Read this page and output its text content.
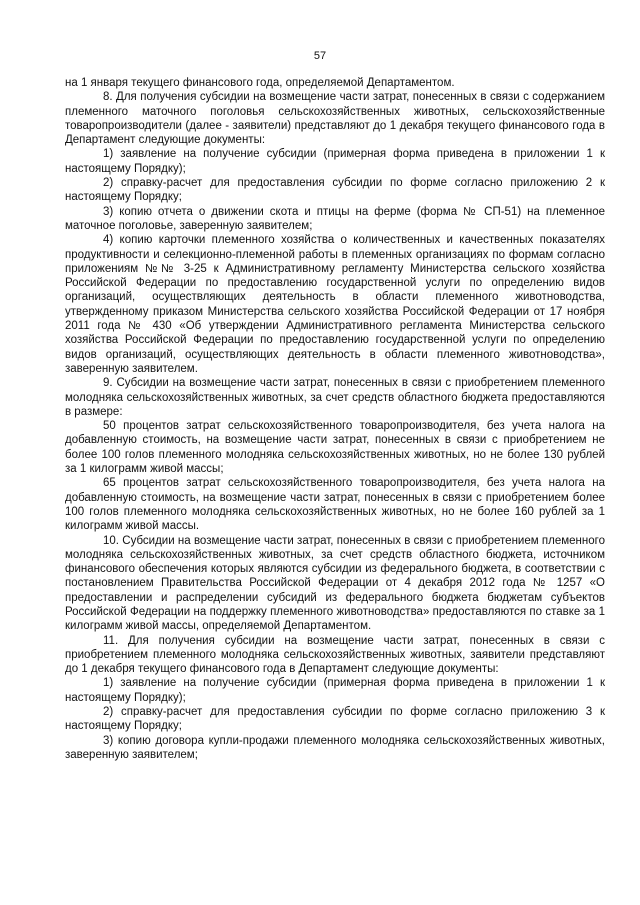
57

на 1 января текущего финансового года, определяемой Департаментом.

8. Для получения субсидии на возмещение части затрат, понесенных в связи с содержанием племенного маточного поголовья сельскохозяйственных животных, сельскохозяйственные товаропроизводители (далее - заявители) представляют до 1 декабря текущего финансового года в Департамент следующие документы:

1) заявление на получение субсидии (примерная форма приведена в приложении 1 к настоящему Порядку);

2) справку-расчет для предоставления субсидии по форме согласно приложению 2 к настоящему Порядку;

3) копию отчета о движении скота и птицы на ферме (форма № СП-51) на племенное маточное поголовье, заверенную заявителем;

4) копию карточки племенного хозяйства о количественных и качественных показателях продуктивности и селекционно-племенной работы в племенных организациях по формам согласно приложениям №№ 3-25 к Административному регламенту Министерства сельского хозяйства Российской Федерации по предоставлению государственной услуги по определению видов организаций, осуществляющих деятельность в области племенного животноводства, утвержденному приказом Министерства сельского хозяйства Российской Федерации от 17 ноября 2011 года № 430 «Об утверждении Административного регламента Министерства сельского хозяйства Российской Федерации по предоставлению государственной услуги по определению видов организаций, осуществляющих деятельность в области племенного животноводства», заверенную заявителем.

9. Субсидии на возмещение части затрат, понесенных в связи с приобретением племенного молодняка сельскохозяйственных животных, за счет средств областного бюджета предоставляются в размере:

50 процентов затрат сельскохозяйственного товаропроизводителя, без учета налога на добавленную стоимость, на возмещение части затрат, понесенных в связи с приобретением не более 100 голов племенного молодняка сельскохозяйственных животных, но не более 130 рублей за 1 килограмм живой массы;

65 процентов затрат сельскохозяйственного товаропроизводителя, без учета налога на добавленную стоимость, на возмещение части затрат, понесенных в связи с приобретением более 100 голов племенного молодняка сельскохозяйственных животных, но не более 160 рублей за 1 килограмм живой масcы.

10. Субсидии на возмещение части затрат, понесенных в связи с приобретением племенного молодняка сельскохозяйственных животных, за счет средств областного бюджета, источником финансового обеспечения которых являются субсидии из федерального бюджета, в соответствии с постановлением Правительства Российской Федерации от 4 декабря 2012 года № 1257 «О предоставлении и распределении субсидий из федерального бюджета бюджетам субъектов Российской Федерации на поддержку племенного животноводства» предоставляются по ставке за 1 килограмм живой массы, определяемой Департаментом.

11. Для получения субсидии на возмещение части затрат, понесенных в связи с приобретением племенного молодняка сельскохозяйственных животных, заявители представляют до 1 декабря текущего финансового года в Департамент следующие документы:

1) заявление на получение субсидии (примерная форма приведена в приложении 1 к настоящему Порядку);

2) справку-расчет для предоставления субсидии по форме согласно приложению 3 к настоящему Порядку;

3) копию договора купли-продажи племенного молодняка сельскохозяйственных животных, заверенную заявителем;
